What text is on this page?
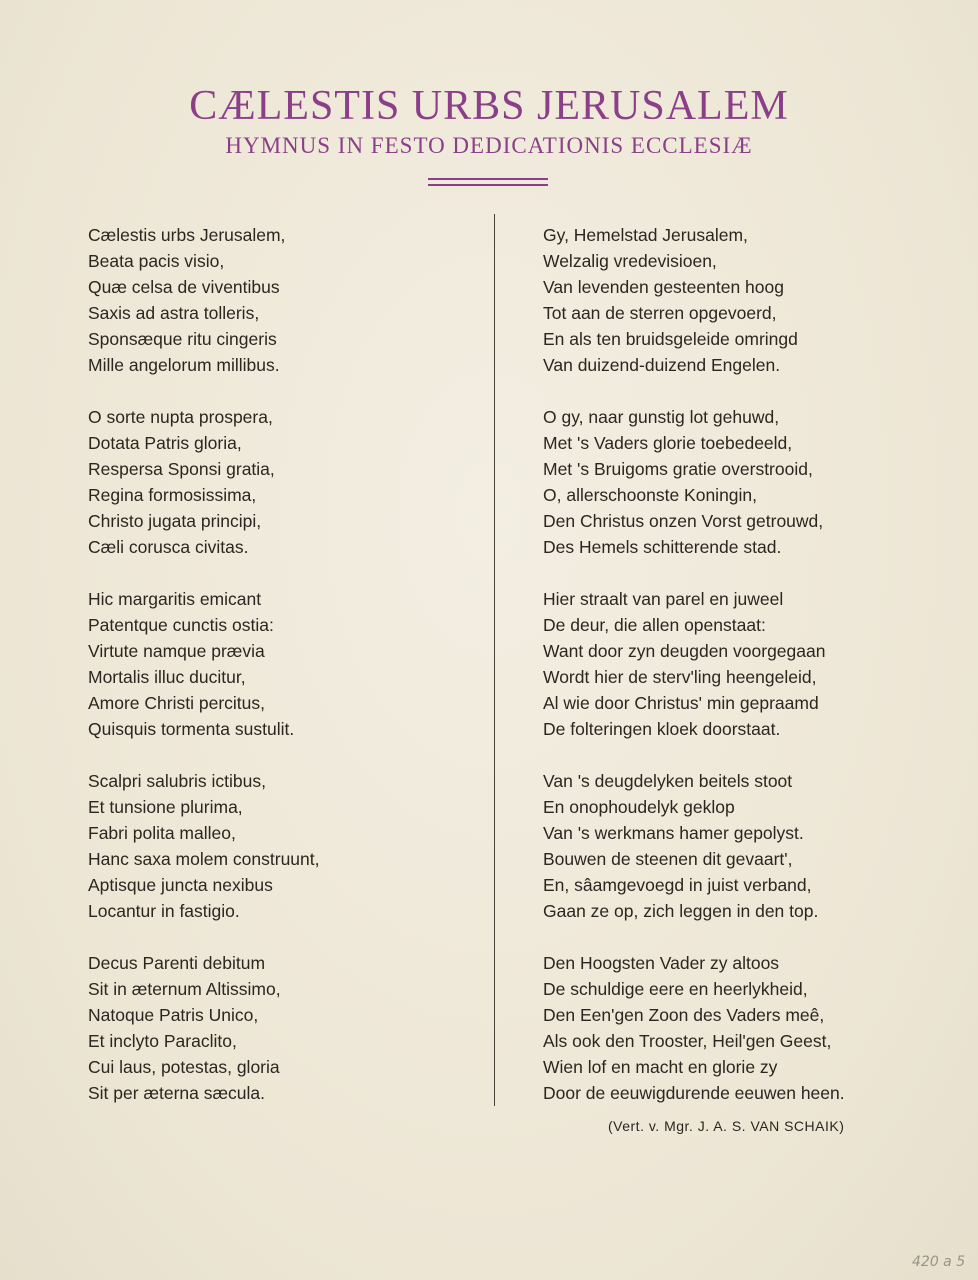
CÆLESTIS URBS JERUSALEM
HYMNUS IN FESTO DEDICATIONIS ECCLESIÆ
Cælestis urbs Jerusalem,
Beata pacis visio,
Quæ celsa de viventibus
Saxis ad astra tolleris,
Sponsæque ritu cingeris
Mille angelorum millibus.
O sorte nupta prospera,
Dotata Patris gloria,
Respersa Sponsi gratia,
Regina formosissima,
Christo jugata principi,
Cæli corusca civitas.
Hic margaritis emicant
Patentque cunctis ostia:
Virtute namque prævia
Mortalis illuc ducitur,
Amore Christi percitus,
Quisquis tormenta sustulit.
Scalpri salubris ictibus,
Et tunsione plurima,
Fabri polita malleo,
Hanc saxa molem construunt,
Aptisque juncta nexibus
Locantur in fastigio.
Decus Parenti debitum
Sit in æternum Altissimo,
Natoque Patris Unico,
Et inclyto Paraclito,
Cui laus, potestas, gloria
Sit per æterna sæcula.
Gy, Hemelstad Jerusalem,
Welzalig vredevisioen,
Van levenden gesteenten hoog
Tot aan de sterren opgevoerd,
En als ten bruidsgeleide omringd
Van duizend-duizend Engelen.
O gy, naar gunstig lot gehuwd,
Met 's Vaders glorie toebedeeld,
Met 's Bruigoms gratie overstrooid,
O, allerschoonste Koningin,
Den Christus onzen Vorst getrouwd,
Des Hemels schitterende stad.
Hier straalt van parel en juweel
De deur, die allen openstaat:
Want door zyn deugden voorgegaan
Wordt hier de sterv'ling heengeleid,
Al wie door Christus' min gepraamd
De folteringen kloek doorstaat.
Van 's deugdelyken beitels stoot
En onophoudelyk geklop
Van 's werkmans hamer gepolyst.
Bouwen de steenen dit gevaart',
En, sâamgevoegd in juist verband,
Gaan ze op, zich leggen in den top.
Den Hoogsten Vader zy altoos
De schuldige eere en heerlykheid,
Den Een'gen Zoon des Vaders meê,
Als ook den Trooster, Heil'gen Geest,
Wien lof en macht en glorie zy
Door de eeuwigdurende eeuwen heen.
(Vert. v. Mgr. J. A. S. VAN SCHAIK)
420 a 5
